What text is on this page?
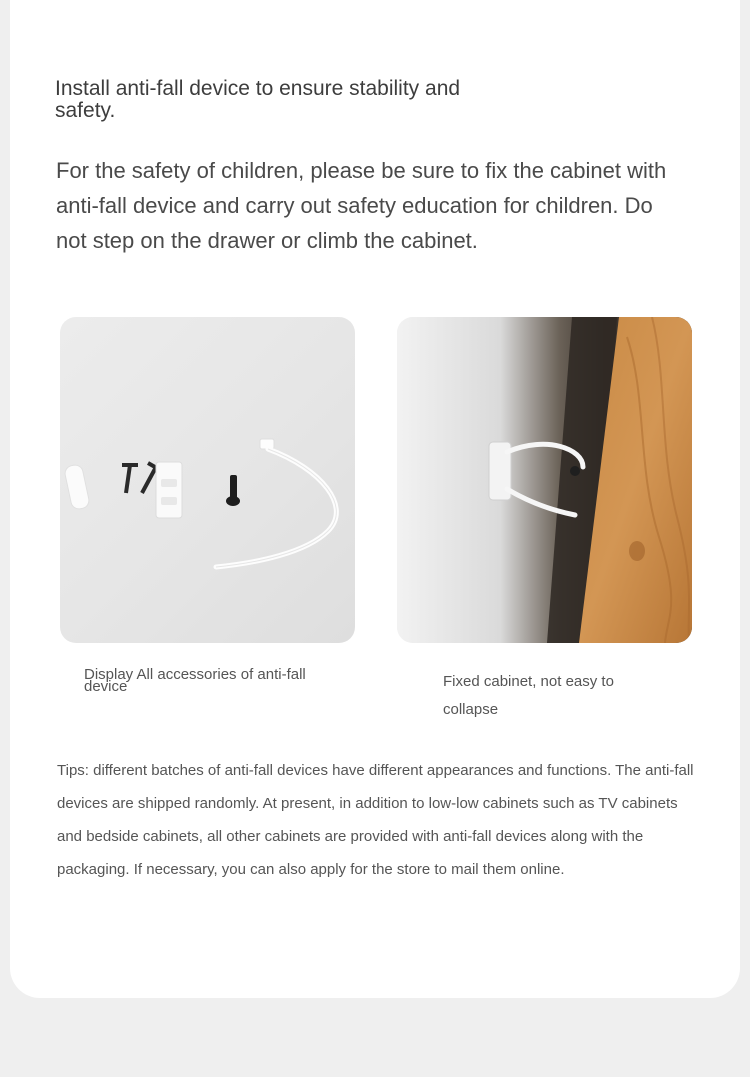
Install anti-fall device to ensure stability and safety.

For the safety of children, please be sure to fix the cabinet with anti-fall device and carry out safety education for children. Do not step on the drawer or climb the cabinet.

Display All accessories of anti-fall device	Fixed cabinet, not easy to collapse

Tips: different batches of anti-fall devices have different appearances and functions. The anti-fall devices are shipped randomly. At present, in addition to low-low cabinets such as TV cabinets and bedside cabinets, all other cabinets are provided with anti-fall devices along with the packaging. If necessary, you can also apply for the store to mail them online.
